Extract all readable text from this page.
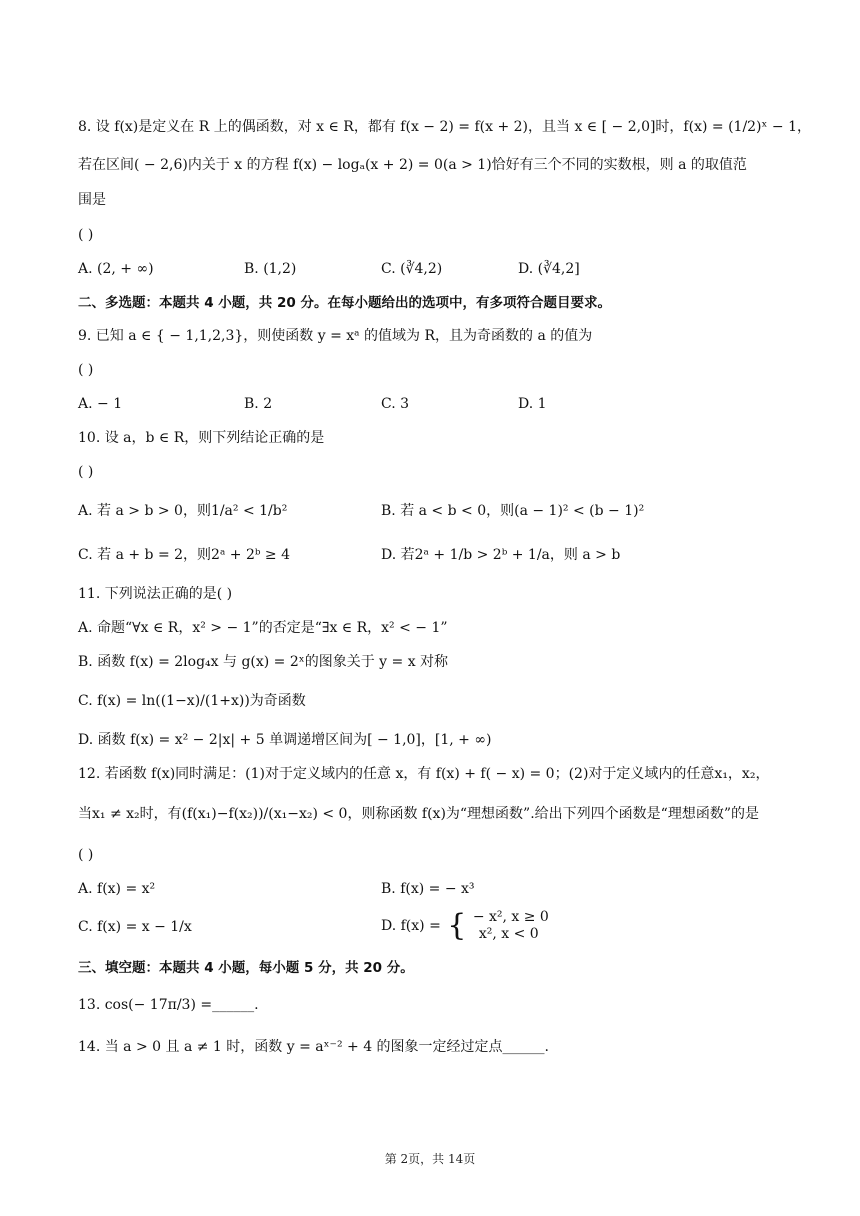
8. 设 f(x)是定义在 R 上的偶函数，对 x ∈ R，都有 f(x − 2) = f(x + 2)，且当 x ∈ [ − 2,0]时，f(x) = (1/2)ˣ − 1，
若在区间( − 2,6)内关于 x 的方程 f(x) − logₐ(x + 2) = 0(a > 1)恰好有三个不同的实数根，则 a 的取值范
围是
( )
A. (2, + ∞)	B. (1,2)	C. (∛4,2)	D. (∛4,2]
二、多选题：本题共 4 小题，共 20 分。在每小题给出的选项中，有多项符合题目要求。
9. 已知 a ∈ { − 1,1,2,3}，则使函数 y = xᵃ 的值域为 R，且为奇函数的 a 的值为
( )
A. − 1	B. 2	C. 3	D. 1
10. 设 a，b ∈ R，则下列结论正确的是
( )
A. 若 a > b > 0，则1/a² < 1/b²	B. 若 a < b < 0，则(a − 1)² < (b − 1)²
C. 若 a + b = 2，则2ᵃ + 2ᵇ ≥ 4	D. 若2ᵃ + 1/b > 2ᵇ + 1/a，则 a > b
11. 下列说法正确的是( )
A. 命题“∀x ∈ R，x² > − 1”的否定是“∃x ∈ R，x² < − 1”
B. 函数 f(x) = 2log₄x 与 g(x) = 2ˣ的图象关于 y = x 对称
C. f(x) = ln((1−x)/(1+x))为奇函数
D. 函数 f(x) = x² − 2|x| + 5 单调递增区间为[ − 1,0]，[1, + ∞)
12. 若函数 f(x)同时满足：(1)对于定义域内的任意 x，有 f(x) + f( − x) = 0；(2)对于定义域内的任意x₁，x₂，
当x₁ ≠ x₂时，有(f(x₁)−f(x₂))/(x₁−x₂) < 0，则称函数 f(x)为“理想函数”.给出下列四个函数是“理想函数”的是
( )
A. f(x) = x²	B. f(x) = − x³
C. f(x) = x − 1/x	D. f(x) = { − x², x ≥ 0
x², x < 0
三、填空题：本题共 4 小题，每小题 5 分，共 20 分。
13. cos(− 17π/3) =______.
14. 当 a > 0 且 a ≠ 1 时，函数 y = aˣ⁻² + 4 的图象一定经过定点______.
第 2页，共 14页
